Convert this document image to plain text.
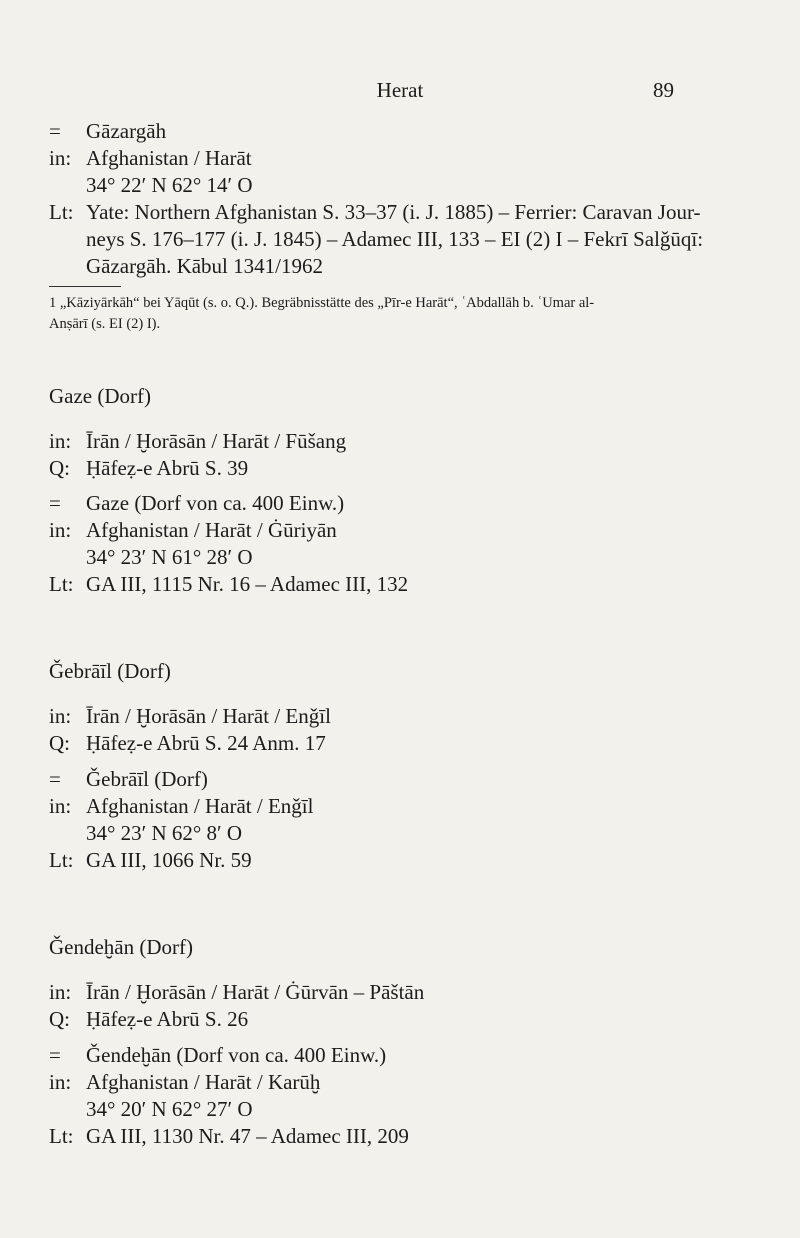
Herat	89
= Gāzargāh
in: Afghanistan / Harāt
34° 22′ N 62° 14′ O
Lt: Yate: Northern Afghanistan S. 33–37 (i. J. 1885) – Ferrier: Caravan Jour-
neys S. 176–177 (i. J. 1845) – Adamec III, 133 – EI (2) I – Fekrī Salǧūqī:
Gāzargāh. Kābul 1341/1962
1 „Kāziyārkāh“ bei Yāqūt (s. o. Q.). Begräbnisstätte des „Pīr-e Harāt“, ʿAbdallāh b. ʿUmar al-
Anṣārī (s. EI (2) I).
Gaze (Dorf)
in: Īrān / Ḫorāsān / Harāt / Fūšang
Q: Ḥāfeẓ-e Abrū S. 39
= Gaze (Dorf von ca. 400 Einw.)
in: Afghanistan / Harāt / Ġūriyān
34° 23′ N 61° 28′ O
Lt: GA III, 1115 Nr. 16 – Adamec III, 132
Ǧebrāīl (Dorf)
in: Īrān / Ḫorāsān / Harāt / Enǧīl
Q: Ḥāfeẓ-e Abrū S. 24 Anm. 17
= Ǧebrāīl (Dorf)
in: Afghanistan / Harāt / Enǧīl
34° 23′ N 62° 8′ O
Lt: GA III, 1066 Nr. 59
Ǧendeḫān (Dorf)
in: Īrān / Ḫorāsān / Harāt / Ġūrvān – Pāštān
Q: Ḥāfeẓ-e Abrū S. 26
= Ǧendeḫān (Dorf von ca. 400 Einw.)
in: Afghanistan / Harāt / Karūḫ
34° 20′ N 62° 27′ O
Lt: GA III, 1130 Nr. 47 – Adamec III, 209
